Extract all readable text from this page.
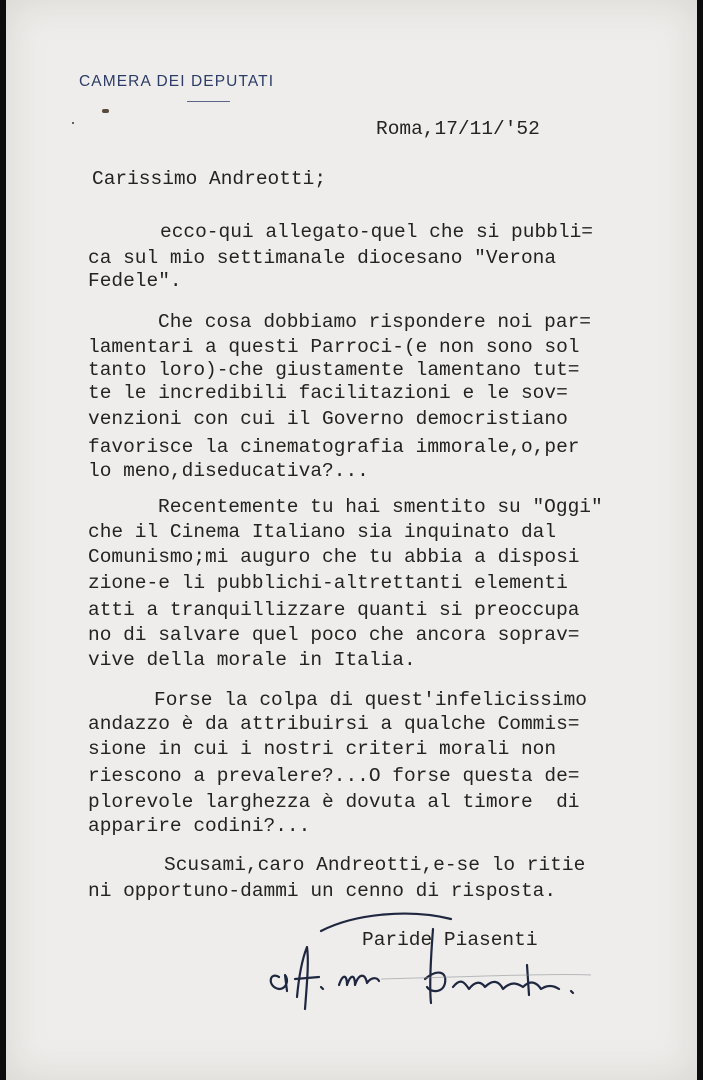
CAMERA DEI DEPUTATI
Roma,17/11/'52
Carissimo Andreotti;
ecco-qui allegato-quel che si pubbli=
ca sul mio settimanale diocesano "Verona
Fedele".
Che cosa dobbiamo rispondere noi par=
lamentari a questi Parroci-(e non sono sol
tanto loro)-che giustamente lamentano tut=
te le incredibili facilitazioni e le sov=
venzioni con cui il Governo democristiano
favorisce la cinematografia immorale,o,per
lo meno,diseducativa?...
Recentemente tu hai smentito su "Oggi"
che il Cinema Italiano sia inquinato dal
Comunismo;mi auguro che tu abbia a disposi
zione-e li pubblichi-altrettanti elementi
atti a tranquillizzare quanti si preoccupa
no di salvare quel poco che ancora soprav=
vive della morale in Italia.
Forse la colpa di quest'infelicissimo
andazzo è da attribuirsi a qualche Commis=
sione in cui i nostri criteri morali non
riescono a prevalere?...O forse questa de=
plorevole larghezza è dovuta al timore  di
apparire codini?...
Scusami,caro Andreotti,e-se lo ritie
ni opportuno-dammi un cenno di risposta.
Paride Piasenti
